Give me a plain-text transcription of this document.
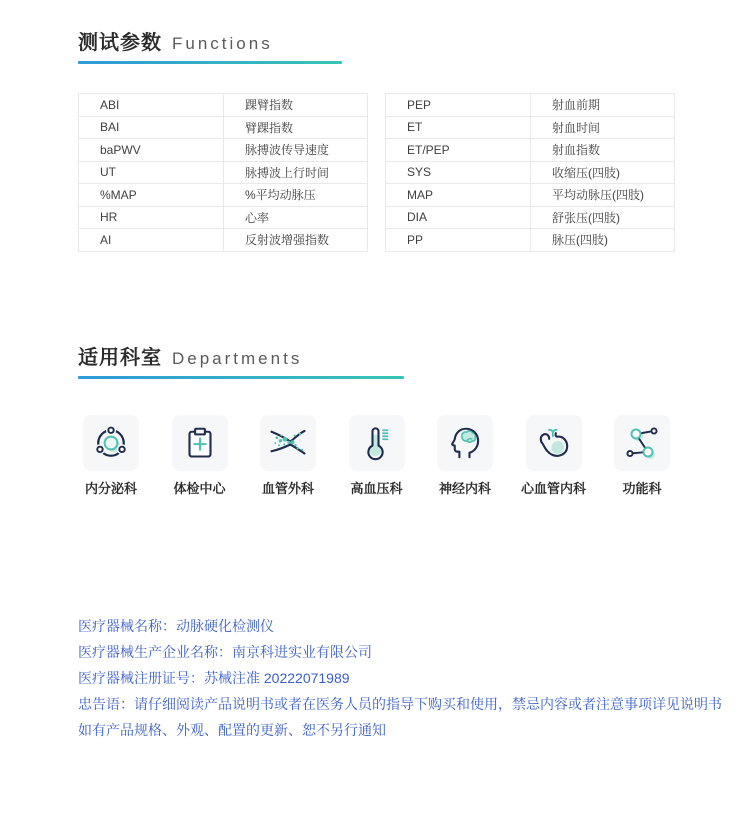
测试参数 Functions
ABI	踝臂指数
BAI	臂踝指数
baPWV	脉搏波传导速度
UT	脉搏波上行时间
%MAP	%平均动脉压
HR	心率
AI	反射波增强指数
PEP	射血前期
ET	射血时间
ET/PEP	射血指数
SYS	收缩压(四肢)
MAP	平均动脉压(四肢)
DIA	舒张压(四肢)
PP	脉压(四肢)
适用科室 Departments
内分泌科	体检中心	血管外科	高血压科	神经内科 心血管内科	功能科

医疗器械名称：动脉硬化检测仪

医疗器械生产企业名称：南京科进实业有限公司

医疗器械注册证号：苏械注准 20222071989

忠告语：请仔细阅读产品说明书或者在医务人员的指导下购买和使用，禁忌内容或者注意事项详见说明书

如有产品规格、外观、配置的更新、恕不另行通知
